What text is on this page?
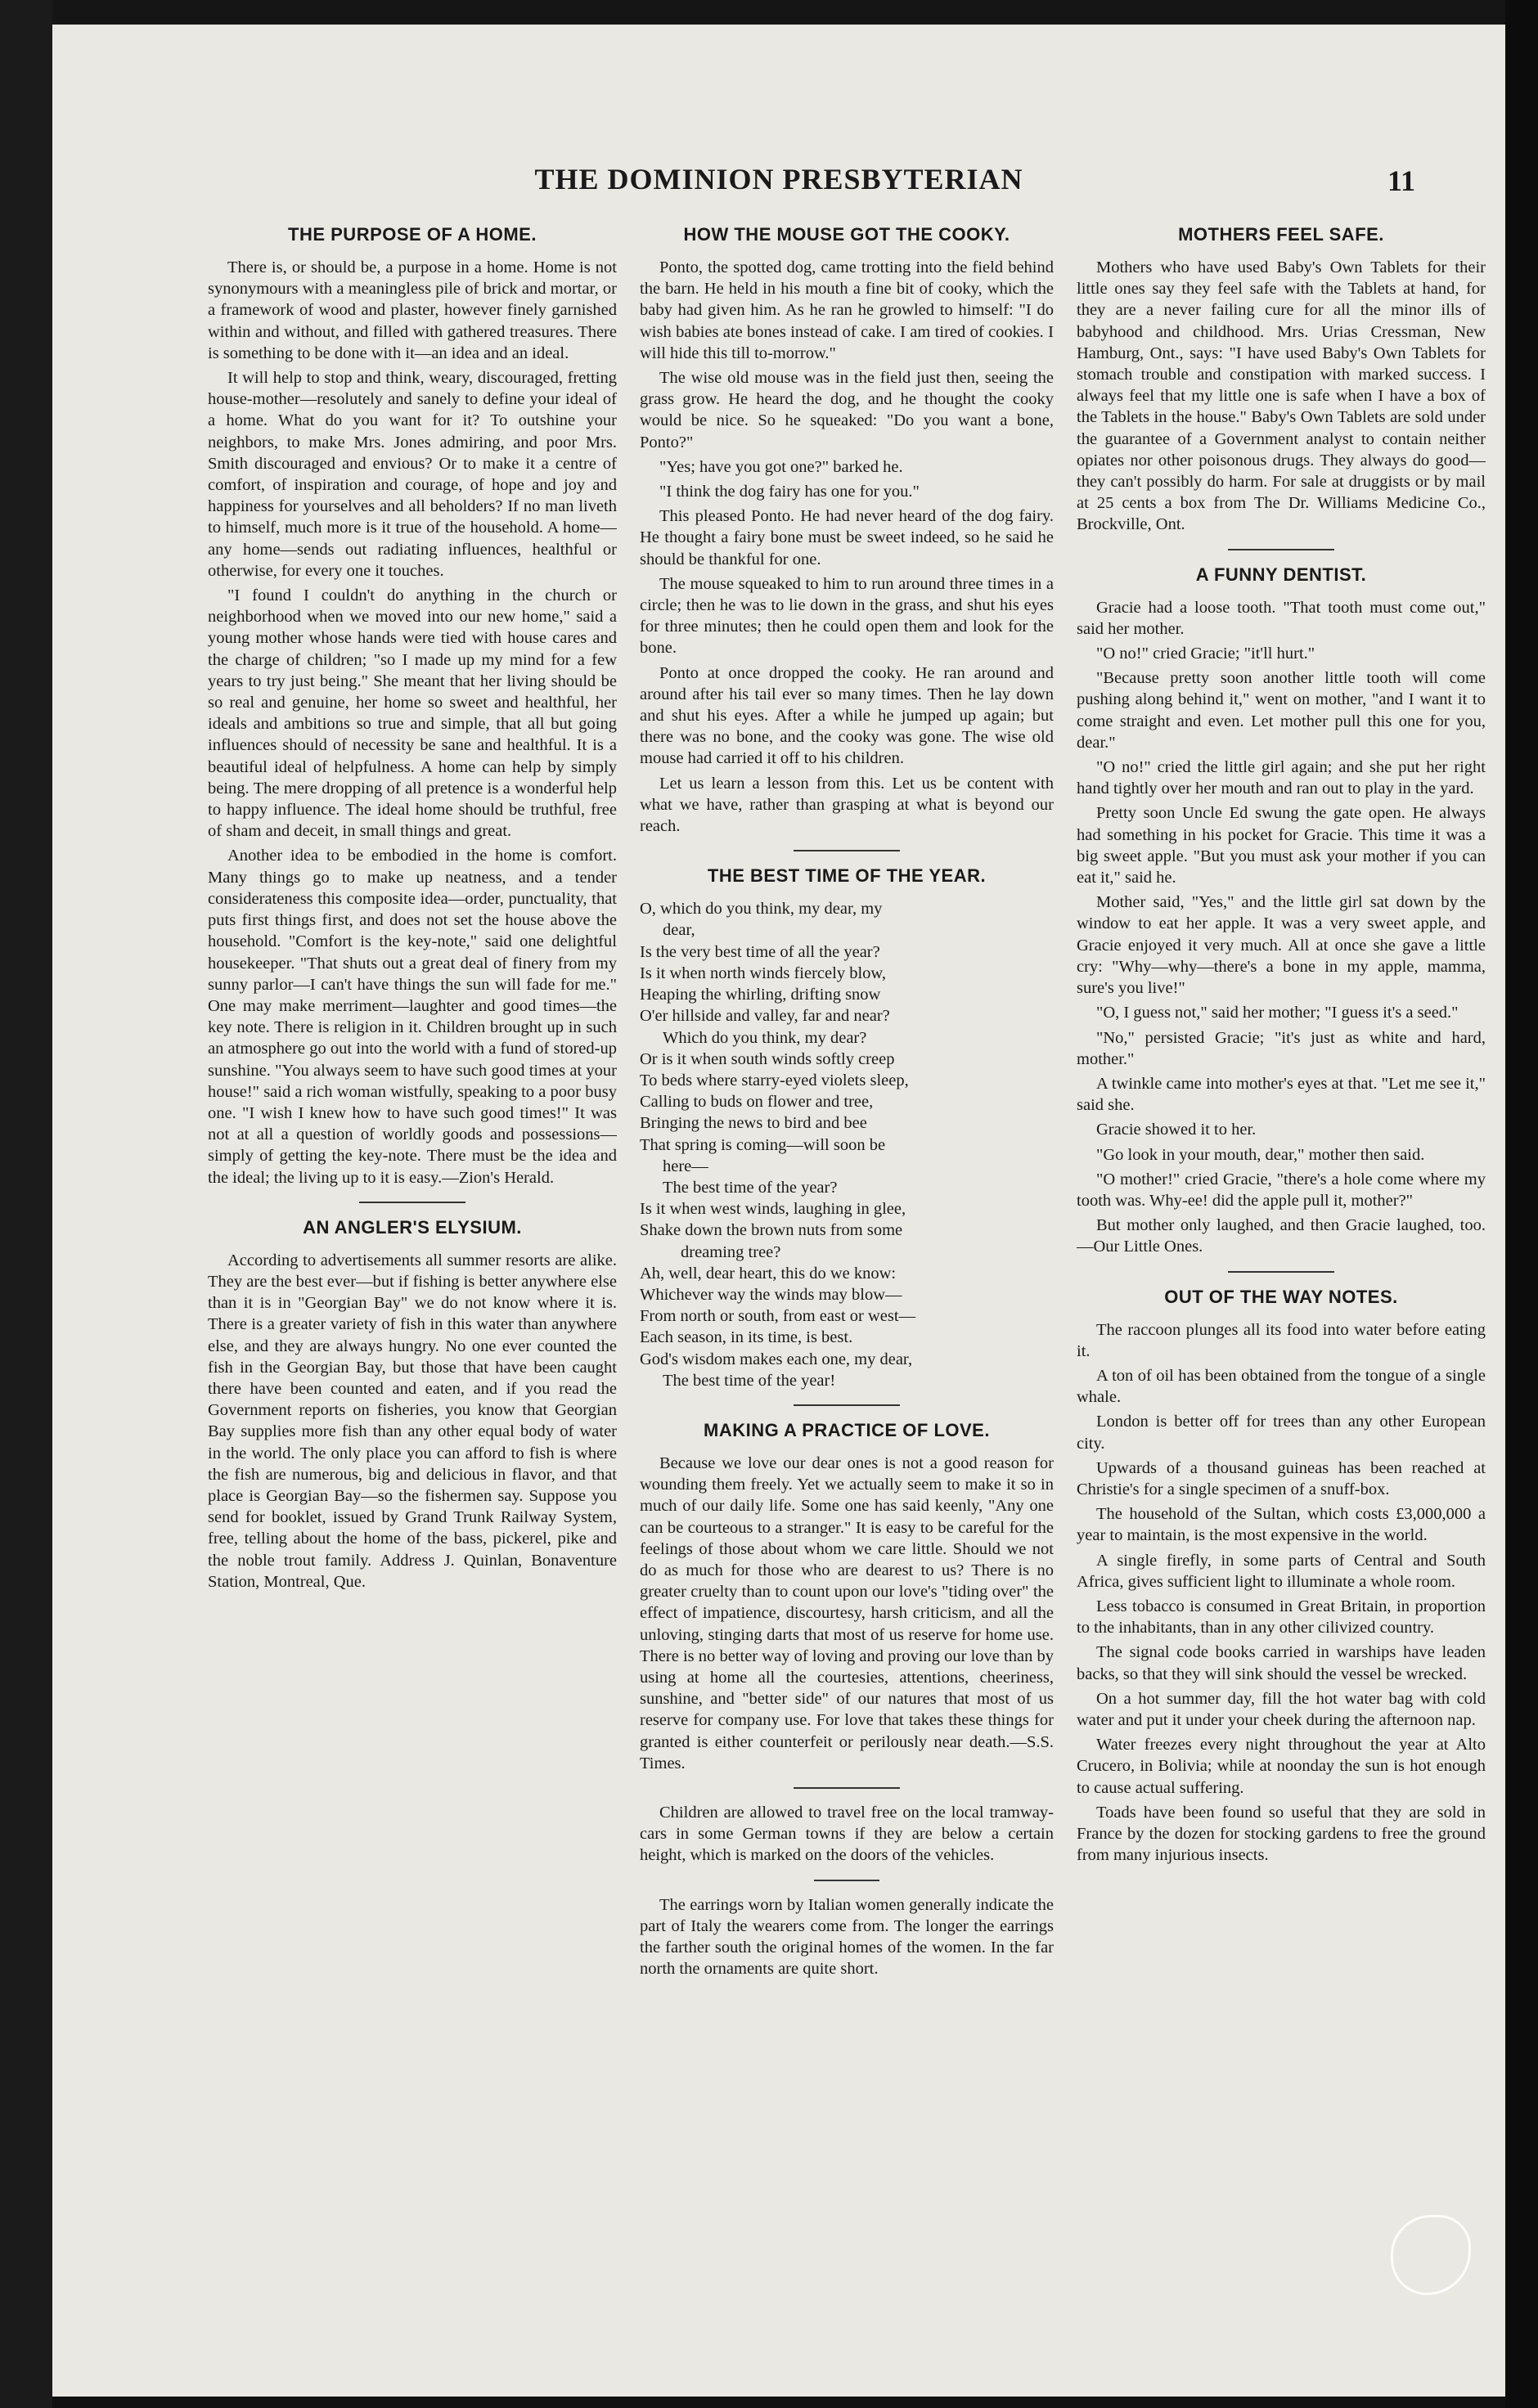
THE DOMINION PRESBYTERIAN	11
THE PURPOSE OF A HOME.

There is, or should be, a purpose in a home. Home is not synonymours with a meaningless pile of brick and mortar, or a framework of wood and plaster, however finely garnished within and without, and filled with gathered treasures. There is something to be done with it—an idea and an ideal.

It will help to stop and think, weary, discouraged, fretting house-mother—resolutely and sanely to define your ideal of a home. What do you want for it? To outshine your neighbors, to make Mrs. Jones admiring, and poor Mrs. Smith discouraged and envious? Or to make it a centre of comfort, of inspiration and courage, of hope and joy and happiness for yourselves and all beholders? If no man liveth to himself, much more is it true of the household. A home—any home—sends out radiating influences, healthful or otherwise, for every one it touches.

"I found I couldn't do anything in the church or neighborhood when we moved into our new home," said a young mother whose hands were tied with house cares and the charge of children; "so I made up my mind for a few years to try just being." She meant that her living should be so real and genuine, her home so sweet and healthful, her ideals and ambitions so true and simple, that all but going influences should of necessity be sane and healthful. It is a beautiful ideal of helpfulness. A home can help by simply being. The mere dropping of all pretence is a wonderful help to happy influence. The ideal home should be truthful, free of sham and deceit, in small things and great.

Another idea to be embodied in the home is comfort. Many things go to make up neatness, and a tender considerateness this composite idea—order, punctuality, that puts first things first, and does not set the house above the household. "Comfort is the key-note," said one delightful housekeeper. "That shuts out a great deal of finery from my sunny parlor—I can't have things the sun will fade for me." One may make merriment—laughter and good times—the key note. There is religion in it. Children brought up in such an atmosphere go out into the world with a fund of stored-up sunshine. "You always seem to have such good times at your house!" said a rich woman wistfully, speaking to a poor busy one. "I wish I knew how to have such good times!" It was not at all a question of worldly goods and possessions—simply of getting the key-note. There must be the idea and the ideal; the living up to it is easy.—Zion's Herald.

AN ANGLER'S ELYSIUM.

According to advertisements all summer resorts are alike. They are the best ever—but if fishing is better anywhere else than it is in "Georgian Bay" we do not know where it is. There is a greater variety of fish in this water than anywhere else, and they are always hungry. No one ever counted the fish in the Georgian Bay, but those that have been caught there have been counted and eaten, and if you read the Government reports on fisheries, you know that Georgian Bay supplies more fish than any other equal body of water in the world. The only place you can afford to fish is where the fish are numerous, big and delicious in flavor, and that place is Georgian Bay—so the fishermen say. Suppose you send for booklet, issued by Grand Trunk Railway System, free, telling about the home of the bass, pickerel, pike and the noble trout family. Address J. Quinlan, Bonaventure Station, Montreal, Que.

HOW THE MOUSE GOT THE COOKY.

Ponto, the spotted dog, came trotting into the field behind the barn. He held in his mouth a fine bit of cooky, which the baby had given him. As he ran he growled to himself: "I do wish babies ate bones instead of cake. I am tired of cookies. I will hide this till to-morrow."

The wise old mouse was in the field just then, seeing the grass grow. He heard the dog, and he thought the cooky would be nice. So he squeaked: "Do you want a bone, Ponto?"

"Yes; have you got one?" barked he.

"I think the dog fairy has one for you."

This pleased Ponto. He had never heard of the dog fairy. He thought a fairy bone must be sweet indeed, so he said he should be thankful for one.

The mouse squeaked to him to run around three times in a circle; then he was to lie down in the grass, and shut his eyes for three minutes; then he could open them and look for the bone.

Ponto at once dropped the cooky. He ran around and around after his tail ever so many times. Then he lay down and shut his eyes. After a while he jumped up again; but there was no bone, and the cooky was gone. The wise old mouse had carried it off to his children.

Let us learn a lesson from this. Let us be content with what we have, rather than grasping at what is beyond our reach.

THE BEST TIME OF THE YEAR.
O, which do you think, my dear, my
dear,
Is the very best time of all the year?
Is it when north winds fiercely blow,
Heaping the whirling, drifting snow
O'er hillside and valley, far and near?
Which do you think, my dear?
Or is it when south winds softly creep
To beds where starry-eyed violets sleep,
Calling to buds on flower and tree,
Bringing the news to bird and bee
That spring is coming—will soon be
here—
The best time of the year?
Is it when west winds, laughing in glee,
Shake down the brown nuts from some
dreaming tree?
Ah, well, dear heart, this do we know:
Whichever way the winds may blow—
From north or south, from east or west—
Each season, in its time, is best.
God's wisdom makes each one, my dear,
The best time of the year!
MAKING A PRACTICE OF LOVE.

Because we love our dear ones is not a good reason for wounding them freely. Yet we actually seem to make it so in much of our daily life. Some one has said keenly, "Any one can be courteous to a stranger." It is easy to be careful for the feelings of those about whom we care little. Should we not do as much for those who are dearest to us? There is no greater cruelty than to count upon our love's "tiding over" the effect of impatience, discourtesy, harsh criticism, and all the unloving, stinging darts that most of us reserve for home use. There is no better way of loving and proving our love than by using at home all the courtesies, attentions, cheeriness, sunshine, and "better side" of our natures that most of us reserve for company use. For love that takes these things for granted is either counterfeit or perilously near death.—S.S. Times.

Children are allowed to travel free on the local tramway-cars in some German towns if they are below a certain height, which is marked on the doors of the vehicles.

The earrings worn by Italian women generally indicate the part of Italy the wearers come from. The longer the earrings the farther south the original homes of the women. In the far north the ornaments are quite short.

MOTHERS FEEL SAFE.

Mothers who have used Baby's Own Tablets for their little ones say they feel safe with the Tablets at hand, for they are a never failing cure for all the minor ills of babyhood and childhood. Mrs. Urias Cressman, New Hamburg, Ont., says: "I have used Baby's Own Tablets for stomach trouble and constipation with marked success. I always feel that my little one is safe when I have a box of the Tablets in the house." Baby's Own Tablets are sold under the guarantee of a Government analyst to contain neither opiates nor other poisonous drugs. They always do good—they can't possibly do harm. For sale at druggists or by mail at 25 cents a box from The Dr. Williams Medicine Co., Brockville, Ont.

A FUNNY DENTIST.

Gracie had a loose tooth. "That tooth must come out," said her mother.

"O no!" cried Gracie; "it'll hurt."

"Because pretty soon another little tooth will come pushing along behind it," went on mother, "and I want it to come straight and even. Let mother pull this one for you, dear."

"O no!" cried the little girl again; and she put her right hand tightly over her mouth and ran out to play in the yard.

Pretty soon Uncle Ed swung the gate open. He always had something in his pocket for Gracie. This time it was a big sweet apple. "But you must ask your mother if you can eat it," said he.

Mother said, "Yes," and the little girl sat down by the window to eat her apple. It was a very sweet apple, and Gracie enjoyed it very much. All at once she gave a little cry: "Why—why—there's a bone in my apple, mamma, sure's you live!"

"O, I guess not," said her mother; "I guess it's a seed."

"No," persisted Gracie; "it's just as white and hard, mother."

A twinkle came into mother's eyes at that. "Let me see it," said she.

Gracie showed it to her.

"Go look in your mouth, dear," mother then said.

"O mother!" cried Gracie, "there's a hole come where my tooth was. Why-ee! did the apple pull it, mother?"

But mother only laughed, and then Gracie laughed, too.—Our Little Ones.

OUT OF THE WAY NOTES.

The raccoon plunges all its food into water before eating it.

A ton of oil has been obtained from the tongue of a single whale.

London is better off for trees than any other European city.

Upwards of a thousand guineas has been reached at Christie's for a single specimen of a snuff-box.

The household of the Sultan, which costs £3,000,000 a year to maintain, is the most expensive in the world.

A single firefly, in some parts of Central and South Africa, gives sufficient light to illuminate a whole room.

Less tobacco is consumed in Great Britain, in proportion to the inhabitants, than in any other cilivized country.

The signal code books carried in warships have leaden backs, so that they will sink should the vessel be wrecked.

On a hot summer day, fill the hot water bag with cold water and put it under your cheek during the afternoon nap.

Water freezes every night throughout the year at Alto Crucero, in Bolivia; while at noonday the sun is hot enough to cause actual suffering.

Toads have been found so useful that they are sold in France by the dozen for stocking gardens to free the ground from many injurious insects.
